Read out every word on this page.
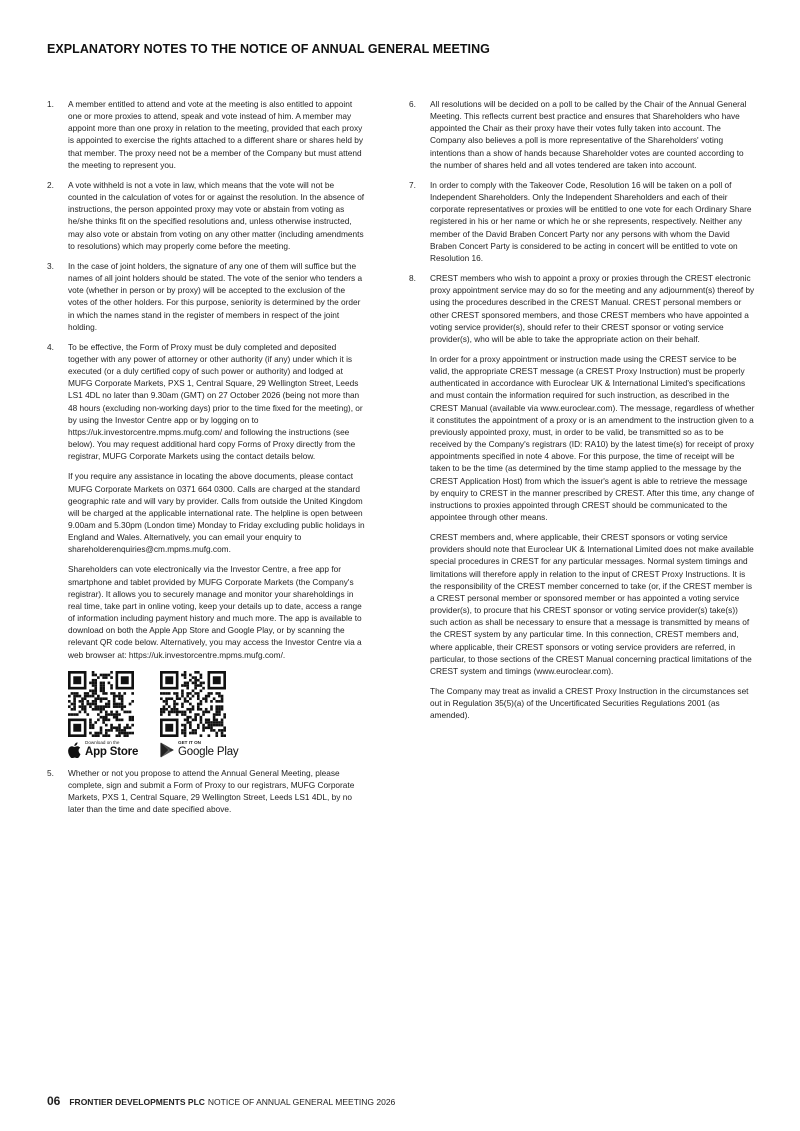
EXPLANATORY NOTES TO THE NOTICE OF ANNUAL GENERAL MEETING
1. A member entitled to attend and vote at the meeting is also entitled to appoint one or more proxies to attend, speak and vote instead of him. A member may appoint more than one proxy in relation to the meeting, provided that each proxy is appointed to exercise the rights attached to a different share or shares held by that member. The proxy need not be a member of the Company but must attend the meeting to represent you.

2. A vote withheld is not a vote in law, which means that the vote will not be counted in the calculation of votes for or against the resolution. In the absence of instructions, the person appointed proxy may vote or abstain from voting as he/she thinks fit on the specified resolutions and, unless otherwise instructed, may also vote or abstain from voting on any other matter (including amendments to resolutions) which may properly come before the meeting.

3. In the case of joint holders, the signature of any one of them will suffice but the names of all joint holders should be stated. The vote of the senior who tenders a vote (whether in person or by proxy) will be accepted to the exclusion of the votes of the other holders. For this purpose, seniority is determined by the order in which the names stand in the register of members in respect of the joint holding.

4. To be effective, the Form of Proxy must be duly completed and deposited together with any power of attorney or other authority (if any) under which it is executed (or a duly certified copy of such power or authority) and lodged at MUFG Corporate Markets, PXS 1, Central Square, 29 Wellington Street, Leeds LS1 4DL no later than 9.30am (GMT) on 27 October 2026 (being not more than 48 hours (excluding non-working days) prior to the time fixed for the meeting), or by using the Investor Centre app or by logging on to https://uk.investorcentre.mpms.mufg.com/ and following the instructions (see below). You may request additional hard copy Forms of Proxy directly from the registrar, MUFG Corporate Markets using the contact details below.

If you require any assistance in locating the above documents, please contact MUFG Corporate Markets on 0371 664 0300. Calls are charged at the standard geographic rate and will vary by provider. Calls from outside the United Kingdom will be charged at the applicable international rate. The helpline is open between 9.00am and 5.30pm (London time) Monday to Friday excluding public holidays in England and Wales. Alternatively, you can email your enquiry to shareholderenquiries@cm.mpms.mufg.com.

Shareholders can vote electronically via the Investor Centre, a free app for smartphone and tablet provided by MUFG Corporate Markets (the Company's registrar). It allows you to securely manage and monitor your shareholdings in real time, take part in online voting, keep your details up to date, access a range of information including payment history and much more. The app is available to download on both the Apple App Store and Google Play, or by scanning the relevant QR code below. Alternatively, you may access the Investor Centre via a web browser at: https://uk.investorcentre.mpms.mufg.com/.

Download on the
App Store
GET IT ON
Google Play
5. Whether or not you propose to attend the Annual General Meeting, please complete, sign and submit a Form of Proxy to our registrars, MUFG Corporate Markets, PXS 1, Central Square, 29 Wellington Street, Leeds LS1 4DL, by no later than the time and date specified above.

6. All resolutions will be decided on a poll to be called by the Chair of the Annual General Meeting. This reflects current best practice and ensures that Shareholders who have appointed the Chair as their proxy have their votes fully taken into account. The Company also believes a poll is more representative of the Shareholders' voting intentions than a show of hands because Shareholder votes are counted according to the number of shares held and all votes tendered are taken into account.

7. In order to comply with the Takeover Code, Resolution 16 will be taken on a poll of Independent Shareholders. Only the Independent Shareholders and each of their corporate representatives or proxies will be entitled to one vote for each Ordinary Share registered in his or her name or which he or she represents, respectively. Neither any member of the David Braben Concert Party nor any persons with whom the David Braben Concert Party is considered to be acting in concert will be entitled to vote on Resolution 16.

8. CREST members who wish to appoint a proxy or proxies through the CREST electronic proxy appointment service may do so for the meeting and any adjournment(s) thereof by using the procedures described in the CREST Manual. CREST personal members or other CREST sponsored members, and those CREST members who have appointed a voting service provider(s), should refer to their CREST sponsor or voting service provider(s), who will be able to take the appropriate action on their behalf.

In order for a proxy appointment or instruction made using the CREST service to be valid, the appropriate CREST message (a CREST Proxy Instruction) must be properly authenticated in accordance with Euroclear UK & International Limited's specifications and must contain the information required for such instruction, as described in the CREST Manual (available via www.euroclear.com). The message, regardless of whether it constitutes the appointment of a proxy or is an amendment to the instruction given to a previously appointed proxy, must, in order to be valid, be transmitted so as to be received by the Company's registrars (ID: RA10) by the latest time(s) for receipt of proxy appointments specified in note 4 above. For this purpose, the time of receipt will be taken to be the time (as determined by the time stamp applied to the message by the CREST Application Host) from which the issuer's agent is able to retrieve the message by enquiry to CREST in the manner prescribed by CREST. After this time, any change of instructions to proxies appointed through CREST should be communicated to the appointee through other means.

CREST members and, where applicable, their CREST sponsors or voting service providers should note that Euroclear UK & International Limited does not make available special procedures in CREST for any particular messages. Normal system timings and limitations will therefore apply in relation to the input of CREST Proxy Instructions. It is the responsibility of the CREST member concerned to take (or, if the CREST member is a CREST personal member or sponsored member or has appointed a voting service provider(s), to procure that his CREST sponsor or voting service provider(s) take(s)) such action as shall be necessary to ensure that a message is transmitted by means of the CREST system by any particular time. In this connection, CREST members and, where applicable, their CREST sponsors or voting service providers are referred, in particular, to those sections of the CREST Manual concerning practical limitations of the CREST system and timings (www.euroclear.com).

The Company may treat as invalid a CREST Proxy Instruction in the circumstances set out in Regulation 35(5)(a) of the Uncertificated Securities Regulations 2001 (as amended).

06 FRONTIER DEVELOPMENTS PLC NOTICE OF ANNUAL GENERAL MEETING 2026
